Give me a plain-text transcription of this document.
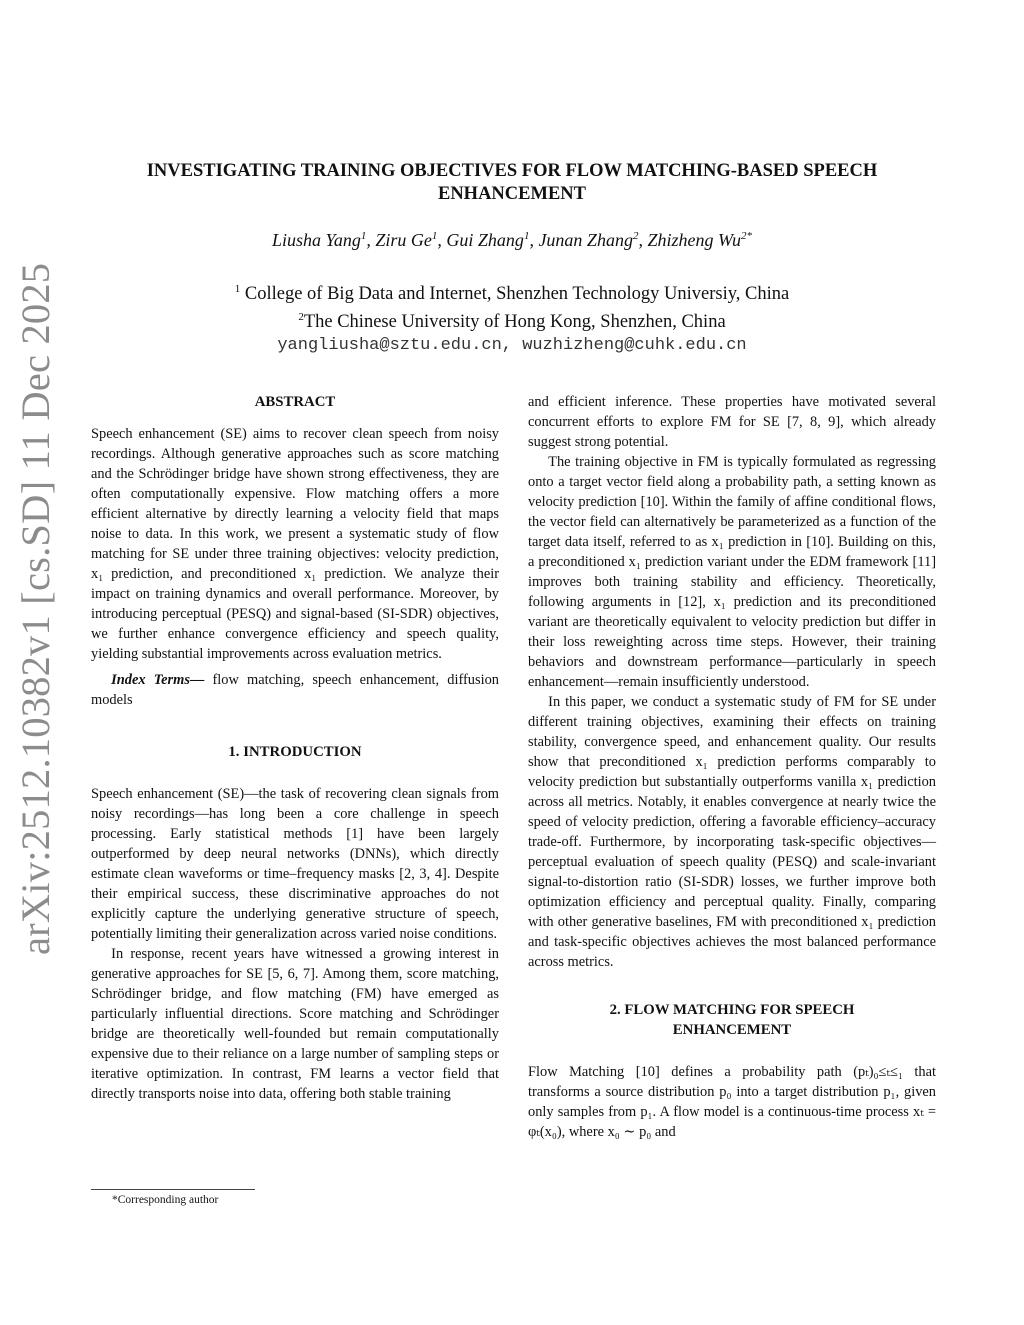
arXiv:2512.10382v1 [cs.SD] 11 Dec 2025
INVESTIGATING TRAINING OBJECTIVES FOR FLOW MATCHING-BASED SPEECH ENHANCEMENT
Liusha Yang$^1$, Ziru Ge$^1$, Gui Zhang$^1$, Junan Zhang$^2$, Zhizheng $Wu^{2*}$
$^1$ College of Big Data and Internet, Shenzhen Technology Universiy, China
$^2$The Chinese University of Hong Kong, Shenzhen, China
yangliusha@sztu.edu.cn, wuzhizheng@cuhk.edu.cn
ABSTRACT

Speech enhancement (SE) aims to recover clean speech from noisy recordings. Although generative approaches such as score matching and the Schrödinger bridge have shown strong effectiveness, they are often computationally expensive. Flow matching offers a more efficient alternative by directly learning a velocity field that maps noise to data. In this work, we present a systematic study of flow matching for SE under three training objectives: velocity prediction, x₁ prediction, and preconditioned x₁ prediction. We analyze their impact on training dynamics and overall performance. Moreover, by introducing perceptual (PESQ) and signal-based (SI-SDR) objectives, we further enhance convergence efficiency and speech quality, yielding substantial improvements across evaluation metrics.

Index Terms— flow matching, speech enhancement, diffusion models

1. INTRODUCTION

Speech enhancement (SE)—the task of recovering clean signals from noisy recordings—has long been a core challenge in speech processing. Early statistical methods [1] have been largely outperformed by deep neural networks (DNNs), which directly estimate clean waveforms or time–frequency masks [2, 3, 4]. Despite their empirical success, these discriminative approaches do not explicitly capture the underlying generative structure of speech, potentially limiting their generalization across varied noise conditions.

In response, recent years have witnessed a growing interest in generative approaches for SE [5, 6, 7]. Among them, score matching, Schrödinger bridge, and flow matching (FM) have emerged as particularly influential directions. Score matching and Schrödinger bridge are theoretically well-founded but remain computationally expensive due to their reliance on a large number of sampling steps or iterative optimization. In contrast, FM learns a vector field that directly transports noise into data, offering both stable training

and efficient inference. These properties have motivated several concurrent efforts to explore FM for SE [7, 8, 9], which already suggest strong potential.

The training objective in FM is typically formulated as regressing onto a target vector field along a probability path, a setting known as velocity prediction [10]. Within the family of affine conditional flows, the vector field can alternatively be parameterized as a function of the target data itself, referred to as x₁ prediction in [10]. Building on this, a preconditioned x₁ prediction variant under the EDM framework [11] improves both training stability and efficiency. Theoretically, following arguments in [12], x₁ prediction and its preconditioned variant are theoretically equivalent to velocity prediction but differ in their loss reweighting across time steps. However, their training behaviors and downstream performance—particularly in speech enhancement—remain insufficiently understood.

In this paper, we conduct a systematic study of FM for SE under different training objectives, examining their effects on training stability, convergence speed, and enhancement quality. Our results show that preconditioned x₁ prediction performs comparably to velocity prediction but substantially outperforms vanilla x₁ prediction across all metrics. Notably, it enables convergence at nearly twice the speed of velocity prediction, offering a favorable efficiency–accuracy trade-off. Furthermore, by incorporating task-specific objectives—perceptual evaluation of speech quality (PESQ) and scale-invariant signal-to-distortion ratio (SI-SDR) losses, we further improve both optimization efficiency and perceptual quality. Finally, comparing with other generative baselines, FM with preconditioned x₁ prediction and task-specific objectives achieves the most balanced performance across metrics.

2. FLOW MATCHING FOR SPEECH
ENHANCEMENT

Flow Matching [10] defines a probability path (pₜ)₀≤ₜ≤₁ that transforms a source distribution p₀ into a target distribution p₁, given only samples from p₁. A flow model is a continuous-time process xₜ = φₜ(x₀), where x₀ ∼ p₀ and

*Corresponding author
